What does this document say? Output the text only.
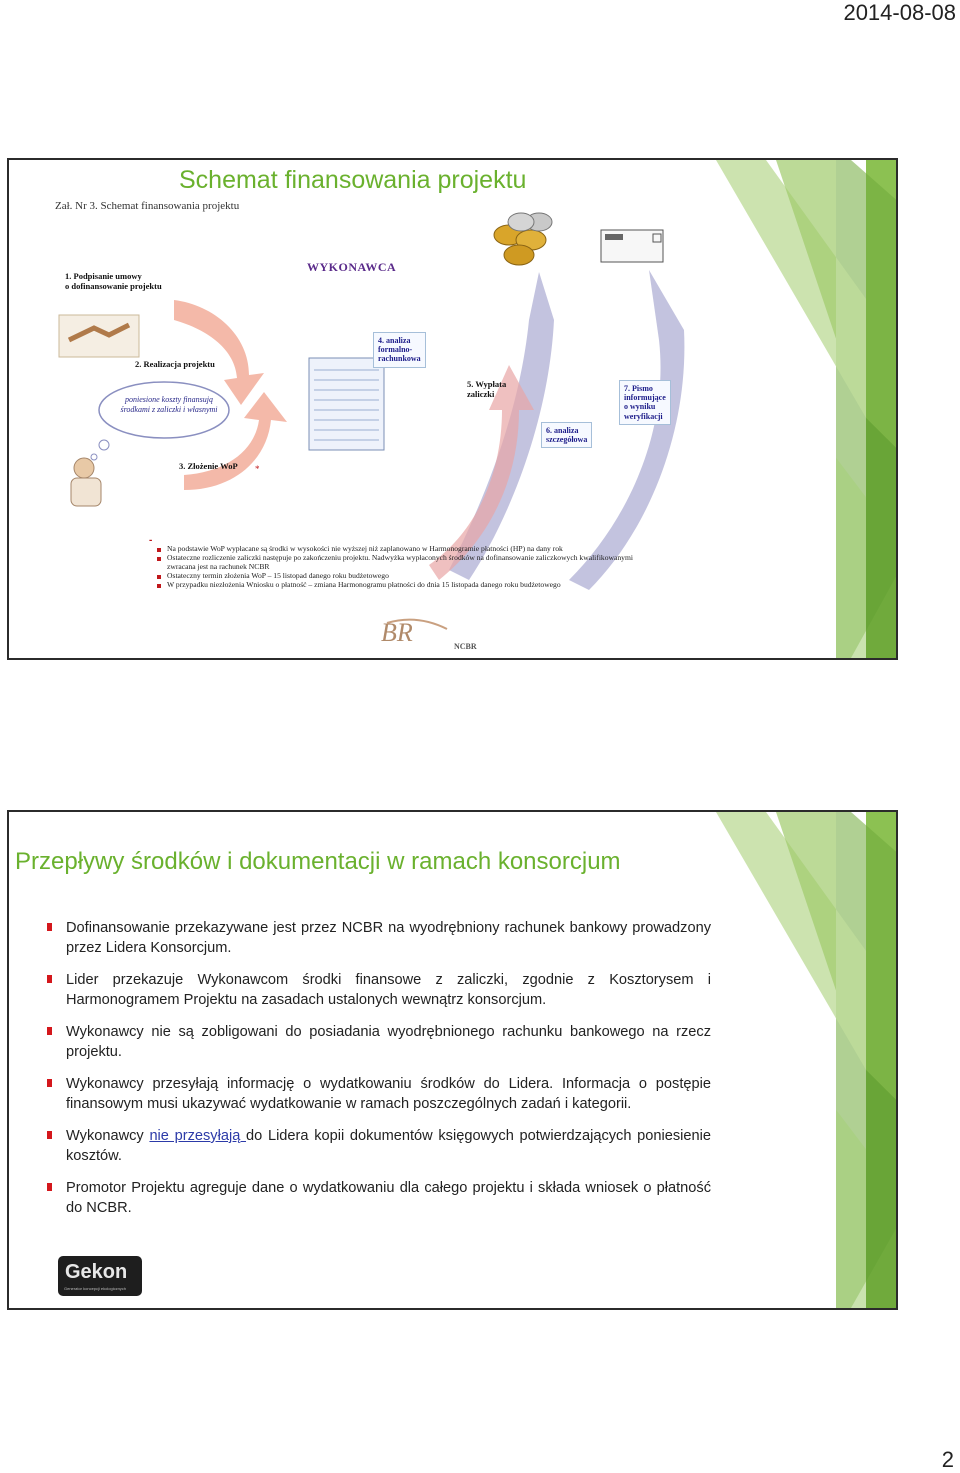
2014-08-08
Schemat finansowania projektu
Zał. Nr 3. Schemat finansowania projektu
WYKONAWCA
*
1. Podpisanie umowy
o dofinansowanie projektu
2. Realizacja projektu
3. Złożenie WoP
4. analiza
formalno-
rachunkowa
5. Wypłata
zaliczki
6. analiza
szczegółowa
7. Pismo
informujące
o wyniku
weryfikacji
poniesione koszty finansują środkami z zaliczki i własnymi
-
Na podstawie WoP wypłacane są środki w wysokości nie wyższej niż zaplanowano w Harmonogramie płatności (HP) na dany rok
Ostateczne rozliczenie zaliczki następuje po zakończeniu projektu. Nadwyżka wypłaconych środków na dofinansowanie zaliczkowych kwalifikowanymi zwracana jest na rachunek NCBR
Ostateczny termin złożenia WoP – 15 listopad danego roku budżetowego
W przypadku niezłożenia Wniosku o płatność – zmiana Harmonogramu płatności do dnia 15 listopada danego roku budżetowego
BR	NCBR
Przepływy środków i dokumentacji w ramach konsorcjum
Dofinansowanie przekazywane jest przez NCBR na wyodrębniony rachunek bankowy prowadzony przez Lidera Konsorcjum.
Lider przekazuje Wykonawcom środki finansowe z zaliczki, zgodnie z Kosztorysem i Harmonogramem Projektu na zasadach ustalonych wewnątrz konsorcjum.
Wykonawcy nie są zobligowani do posiadania wyodrębnionego rachunku bankowego na rzecz projektu.
Wykonawcy przesyłają informację o wydatkowaniu środków do Lidera. Informacja o postępie finansowym musi ukazywać wydatkowanie w ramach poszczególnych zadań i kategorii.
Wykonawcy nie przesyłają do Lidera kopii dokumentów księgowych potwierdzających poniesienie kosztów.
Promotor Projektu agreguje dane o wydatkowaniu dla całego projektu i składa wniosek o płatność do NCBR.
Gekon
Generator koncepcji ekologicznych
2
